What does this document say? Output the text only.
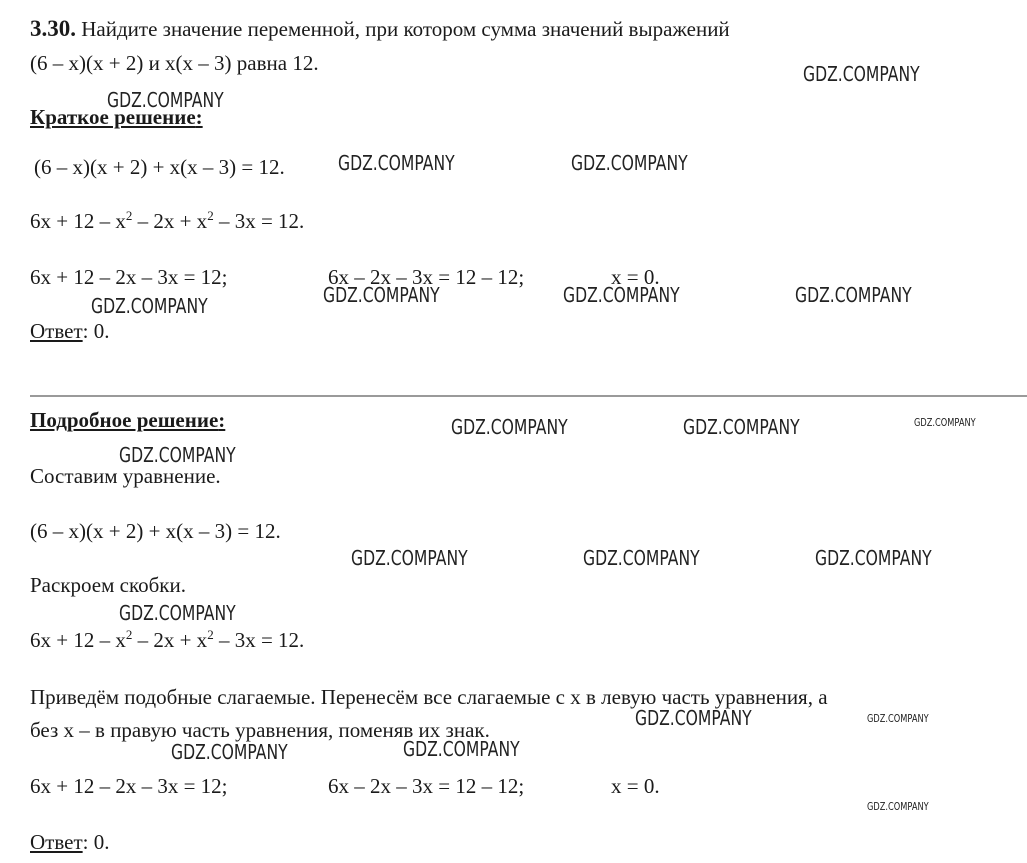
3.30. Найдите значение переменной, при котором сумма значений выражений
(6 – x)(x + 2) и x(x – 3) равна 12.
Краткое решение:
(6 – x)(x + 2) + x(x – 3) = 12.
$6x + 12 - x^2 - 2x + x^2 - 3x = 12$.
6x + 12 – 2x – 3x = 12;	6x – 2x – 3x = 12 – 12;	x = 0.
Ответ: 0.
Подробное решение:
Составим уравнение.
(6 – x)(x + 2) + x(x – 3) = 12.
Раскроем скобки.
$6x + 12 - x^2 - 2x + x^2 - 3x = 12$.
Приведём подобные слагаемые. Перенесём все слагаемые с x в левую часть уравнения, а
без x – в правую часть уравнения, поменяв их знак.
6x + 12 – 2x – 3x = 12;	6x – 2x – 3x = 12 – 12;	x = 0.
Ответ: 0.
GDZ.COMPANY
GDZ.COMPANY
GDZ.COMPANY	GDZ.COMPANY
GDZ.COMPANY	GDZ.COMPANY	GDZ.COMPANY
GDZ.COMPANY
GDZ.COMPANY	GDZ.COMPANY	GDZ.COMPANY
GDZ.COMPANY
GDZ.COMPANY	GDZ.COMPANY	GDZ.COMPANY
GDZ.COMPANY
GDZ.COMPANY	GDZ.COMPANY
GDZ.COMPANY
GDZ.COMPANY
GDZ.COMPANY
